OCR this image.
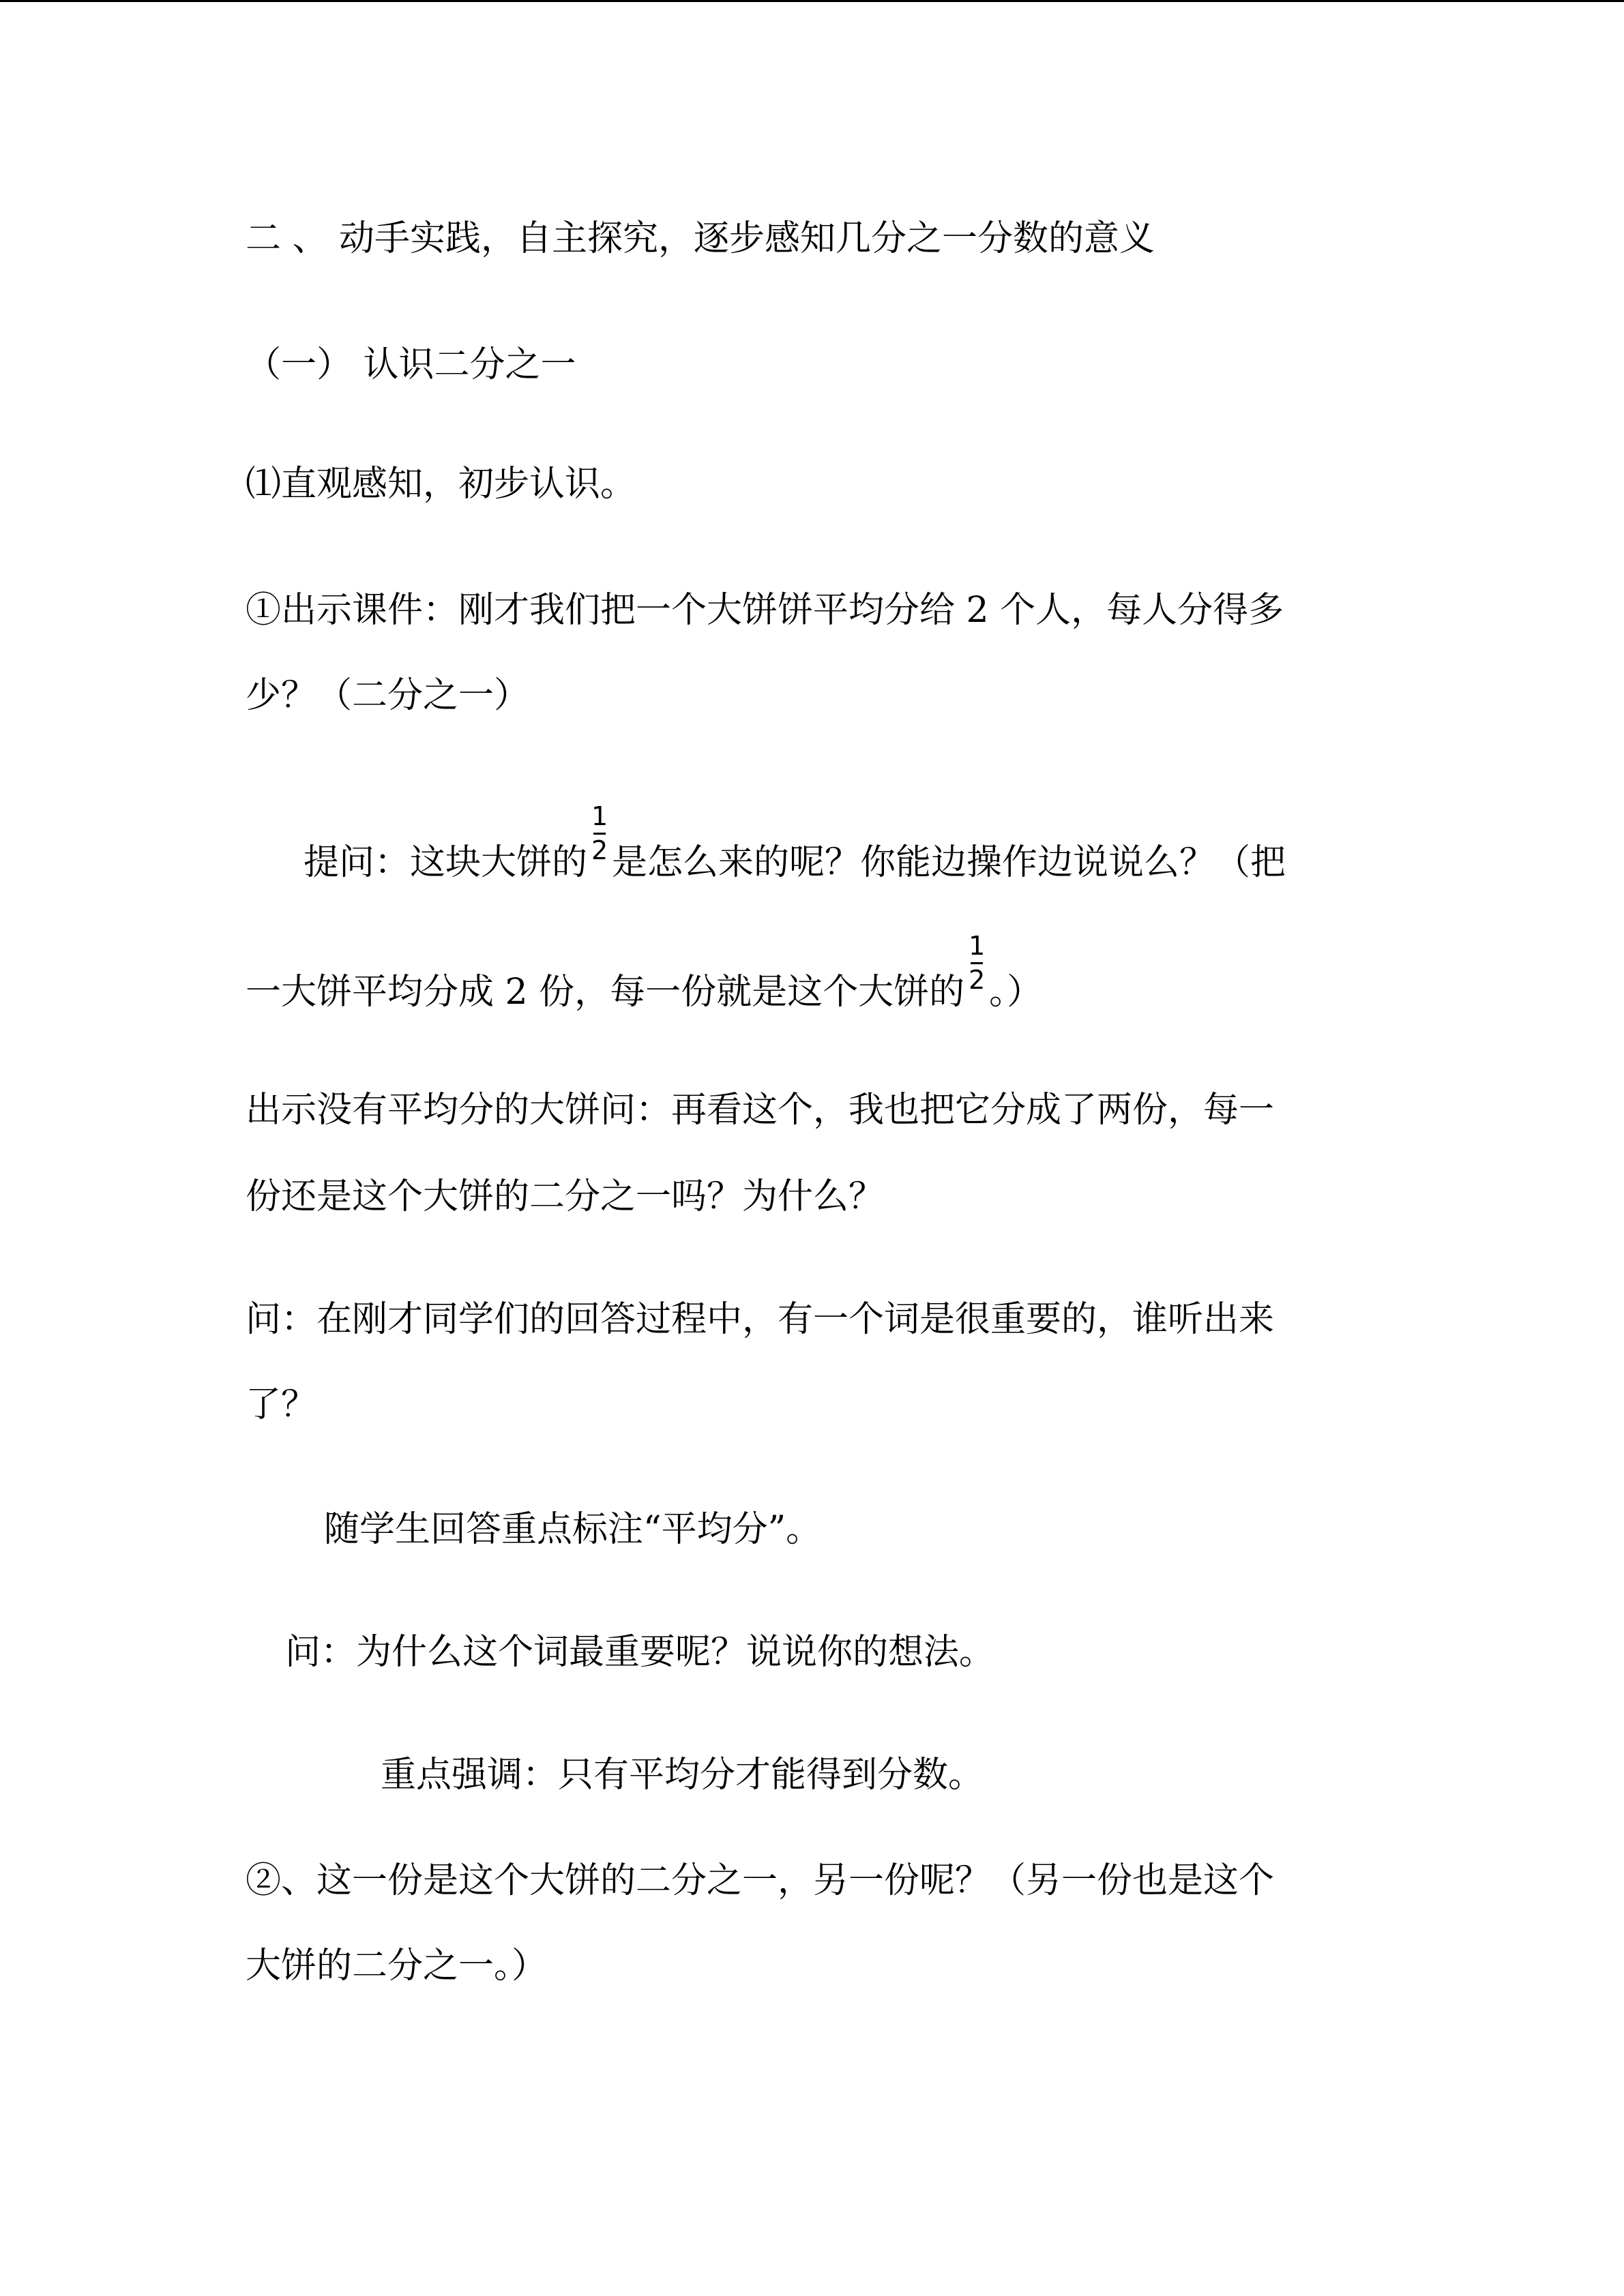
二 、 动手实践，自主探究，逐步感知几分之一分数的意义
（一） 认识二分之一
⑴直观感知，初步认识。
①出示课件：刚才我们把一个大饼饼平均分给 2 个人，每人分得多
少？（二分之一）
提问：这块大饼的 $\frac{1}{2}$ 是怎么来的呢？你能边操作边说说么？（把
一大饼平均分成 2 份，每一份就是这个大饼的 $\frac{1}{2}$ 。）
出示没有平均分的大饼问：再看这个，我也把它分成了两份，每一
份还是这个大饼的二分之一吗？为什么？
问：在刚才同学们的回答过程中，有一个词是很重要的，谁听出来
了？
随学生回答重点标注“平均分”。
问：为什么这个词最重要呢？说说你的想法。
重点强调：只有平均分才能得到分数。
②、这一份是这个大饼的二分之一，另一份呢？（另一份也是这个
大饼的二分之一。）
